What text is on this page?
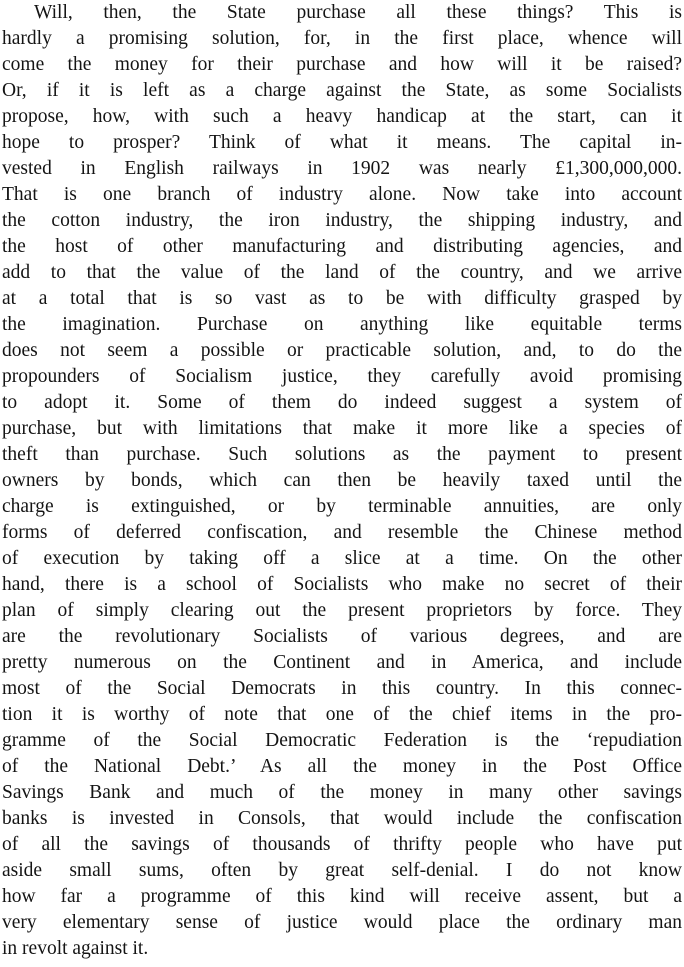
Will, then, the State purchase all these things? This is
hardly a promising solution, for, in the first place, whence will
come the money for their purchase and how will it be raised?
Or, if it is left as a charge against the State, as some Socialists
propose, how, with such a heavy handicap at the start, can it
hope to prosper? Think of what it means. The capital in-
vested in English railways in 1902 was nearly £1,300,000,000.
That is one branch of industry alone. Now take into account
the cotton industry, the iron industry, the shipping industry, and
the host of other manufacturing and distributing agencies, and
add to that the value of the land of the country, and we arrive
at a total that is so vast as to be with difficulty grasped by
the imagination. Purchase on anything like equitable terms
does not seem a possible or practicable solution, and, to do the
propounders of Socialism justice, they carefully avoid promising
to adopt it. Some of them do indeed suggest a system of
purchase, but with limitations that make it more like a species of
theft than purchase. Such solutions as the payment to present
owners by bonds, which can then be heavily taxed until the
charge is extinguished, or by terminable annuities, are only
forms of deferred confiscation, and resemble the Chinese method
of execution by taking off a slice at a time. On the other
hand, there is a school of Socialists who make no secret of their
plan of simply clearing out the present proprietors by force. They
are the revolutionary Socialists of various degrees, and are
pretty numerous on the Continent and in America, and include
most of the Social Democrats in this country. In this connec-
tion it is worthy of note that one of the chief items in the pro-
gramme of the Social Democratic Federation is the ‘repudiation
of the National Debt.’ As all the money in the Post Office
Savings Bank and much of the money in many other savings
banks is invested in Consols, that would include the confiscation
of all the savings of thousands of thrifty people who have put
aside small sums, often by great self-denial. I do not know
how far a programme of this kind will receive assent, but a
very elementary sense of justice would place the ordinary man
in revolt against it.
